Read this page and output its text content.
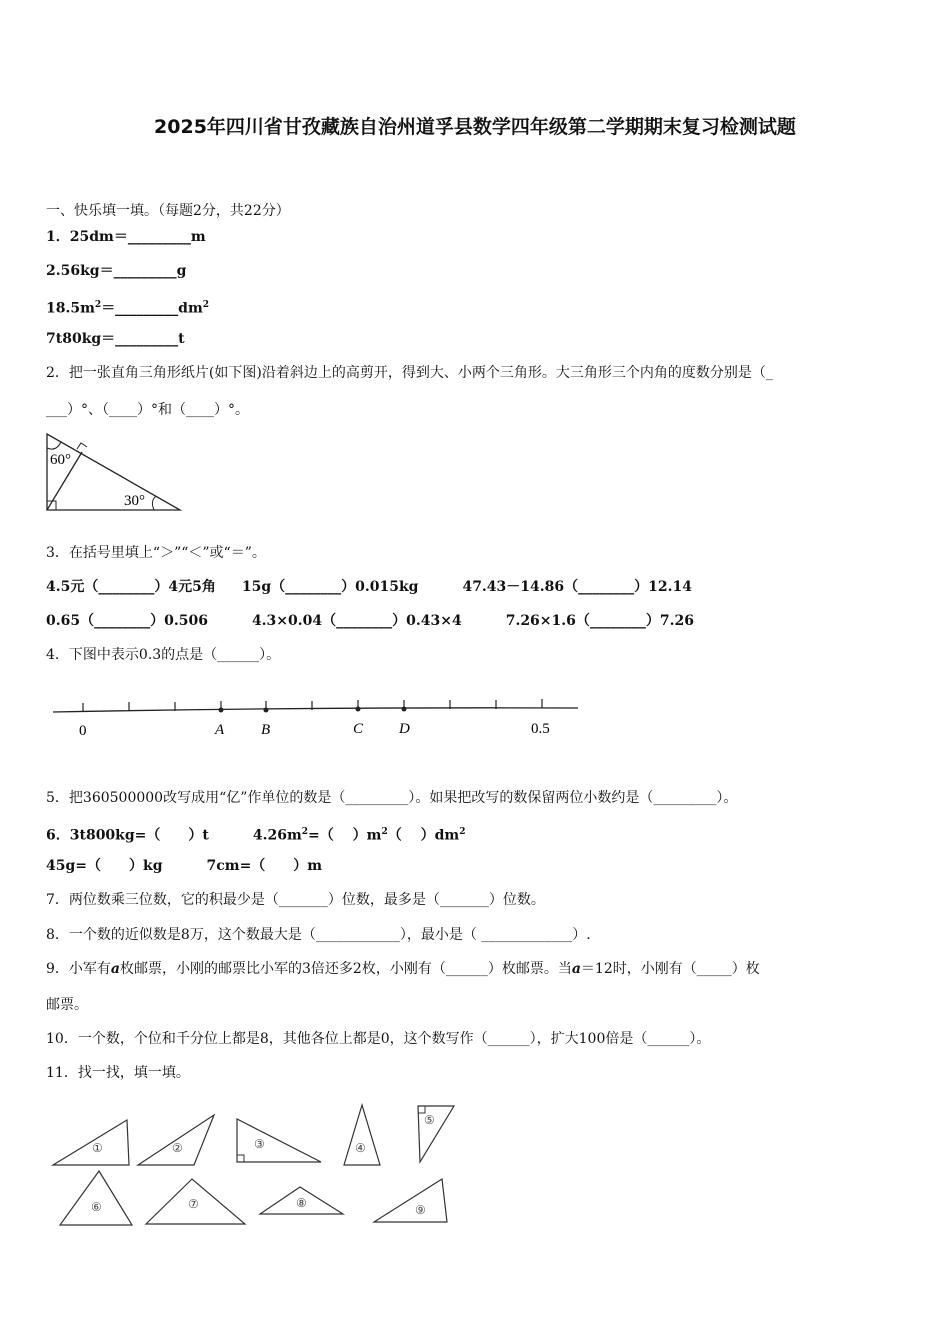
2025年四川省甘孜藏族自治州道孚县数学四年级第二学期期末复习检测试题
一、快乐填一填。（每题2分，共22分）
1．25dm＝_________m
2.56kg＝_________g
$18.5m^2=\_\_\_\_\_\_\_\_\_dm^2$
7t80kg＝_________t
2．把一张直角三角形纸片(如下图)沿着斜边上的高剪开，得到大、小两个三角形。大三角形三个内角的度数分别是（_
___）°、（____）°和（____）°。
60°
30°
3．在括号里填上“＞”“＜”或“＝”。
4.5元（________）4元5角 15g（________）0.015kg	47.43－14.86（________）12.14
0.65（________）0.506	4.3×0.04（________）0.43×4	7.26×1.6（________）7.26
4．下图中表示0.3的点是（______）。
0	A B	C D	0.5
5．把360500000改写成用“亿”作单位的数是（_________）。如果把改写的数保留两位小数约是（_________）。
6．3t800kg=（　　）t	$4.26m^2=$（　 ）$m^2$（　 ）$dm^2$
45g=（　　）kg	7cm=（　　）m
7．两位数乘三位数，它的积最少是（_______）位数，最多是（_______）位数。
8．一个数的近似数是8万，这个数最大是（____________），最小是（ _____________）.
9．小军有a枚邮票，小刚的邮票比小军的3倍还多2枚，小刚有（______）枚邮票。当a＝12时，小刚有（_____）枚
邮票。
10．一个数，个位和千分位上都是8，其他各位上都是0，这个数写作（______），扩大100倍是（______）。
11．找一找，填一填。
①	②	③	④
⑤
⑥	⑦	⑧	⑨
